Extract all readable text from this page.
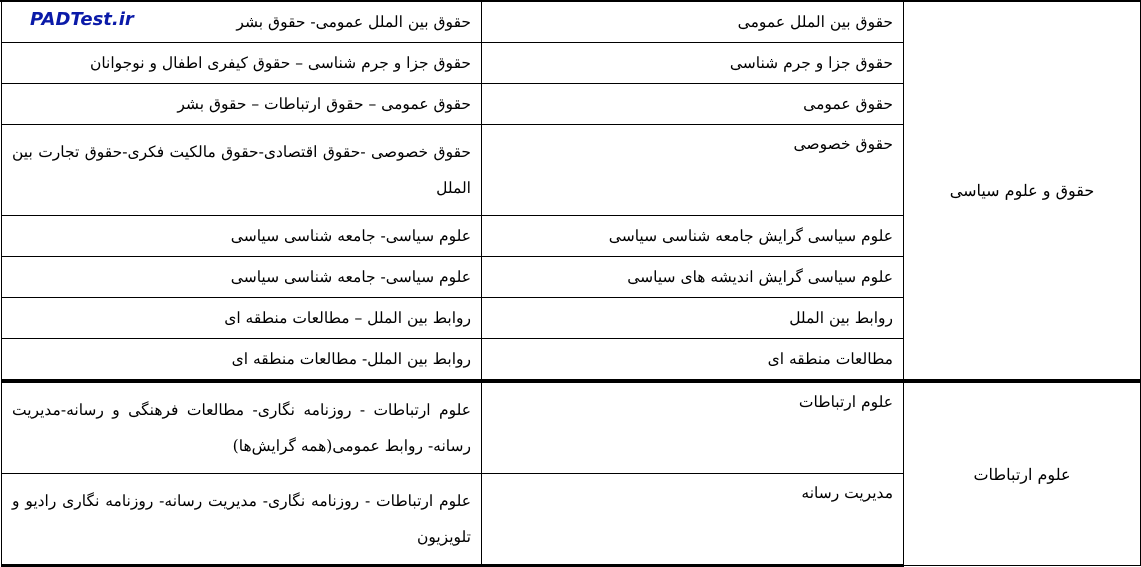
حقوق و علوم سیاسی	حقوق بین الملل عمومی	حقوق بین الملل عمومی- حقوق بشر
	حقوق جزا و جرم شناسی	حقوق جزا و جرم شناسی – حقوق کیفری اطفال و نوجوانان
	حقوق عمومی	حقوق عمومی – حقوق ارتباطات – حقوق بشر
	حقوق خصوصی	حقوق خصوصی -حقوق اقتصادی-حقوق مالکیت فکری-حقوق تجارت بین الملل
	علوم سیاسی گرایش جامعه شناسی سیاسی	علوم سیاسی- جامعه شناسی سیاسی
	علوم سیاسی گرایش اندیشه های سیاسی	علوم سیاسی- جامعه شناسی سیاسی
	روابط بین الملل	روابط بین الملل – مطالعات منطقه ای
	مطالعات منطقه ای	روابط بین الملل- مطالعات منطقه ای
علوم ارتباطات	علوم ارتباطات	علوم ارتباطات - روزنامه نگاری- مطالعات فرهنگی و رسانه-مدیریت رسانه- روابط عمومی(همه گرایش‌ها)
	مدیریت رسانه	علوم ارتباطات - روزنامه نگاری- مدیریت رسانه- روزنامه نگاری رادیو و تلویزیون
PADTest.ir
